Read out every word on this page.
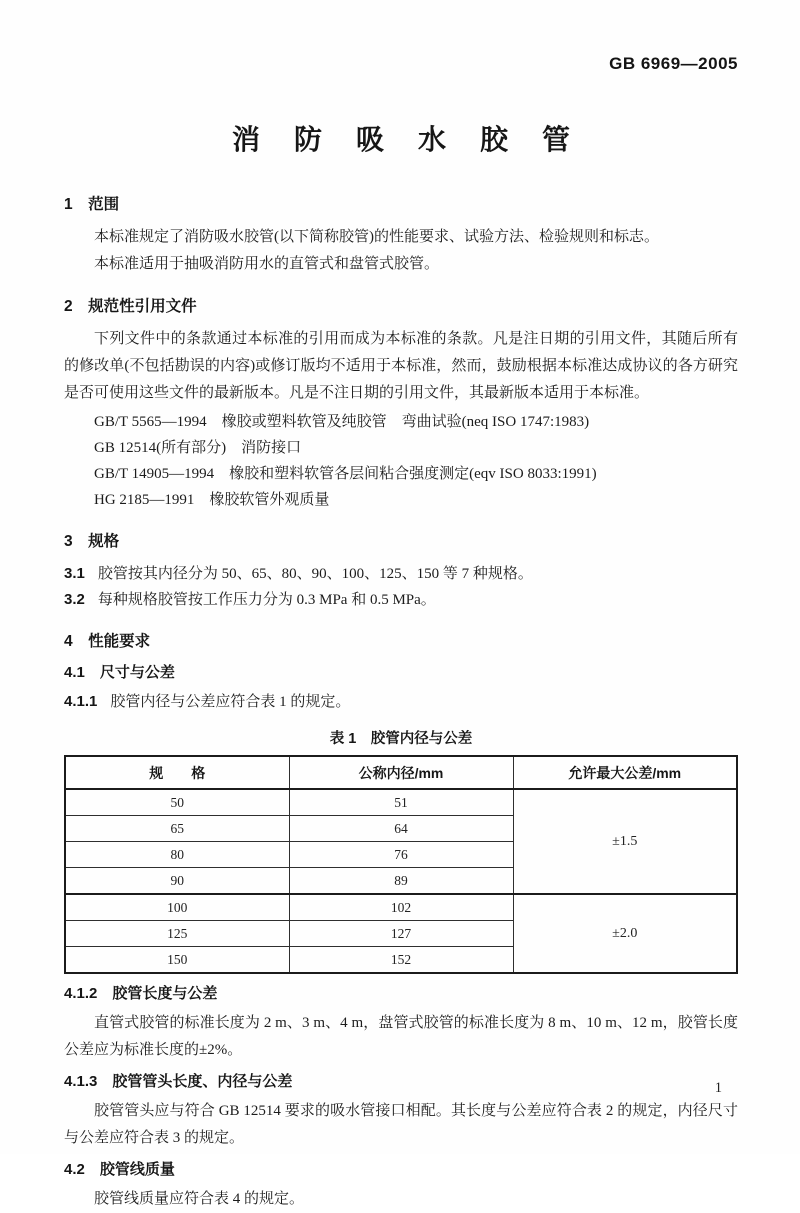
GB 6969—2005
消防吸水胶管
1　范围
本标准规定了消防吸水胶管(以下简称胶管)的性能要求、试验方法、检验规则和标志。
本标准适用于抽吸消防用水的直管式和盘管式胶管。
2　规范性引用文件
下列文件中的条款通过本标准的引用而成为本标准的条款。凡是注日期的引用文件，其随后所有的修改单(不包括勘误的内容)或修订版均不适用于本标准，然而，鼓励根据本标准达成协议的各方研究是否可使用这些文件的最新版本。凡是不注日期的引用文件，其最新版本适用于本标准。
GB/T 5565—1994　橡胶或塑料软管及纯胶管　弯曲试验(neq ISO 1747:1983)
GB 12514(所有部分)　消防接口
GB/T 14905—1994　橡胶和塑料软管各层间粘合强度测定(eqv ISO 8033:1991)
HG 2185—1991　橡胶软管外观质量
3　规格
3.1 胶管按其内径分为 50、65、80、90、100、125、150 等 7 种规格。
3.2 每种规格胶管按工作压力分为 0.3 MPa 和 0.5 MPa。
4　性能要求
4.1　尺寸与公差
4.1.1 胶管内径与公差应符合表 1 的规定。
表 1　胶管内径与公差
规　　格	公称内径/mm	允许最大公差/mm
50	51	±1.5
65	64	
80	76	
90	89	
100	102	±2.0
125	127	
150	152	
4.1.2　胶管长度与公差
直管式胶管的标准长度为 2 m、3 m、4 m，盘管式胶管的标准长度为 8 m、10 m、12 m，胶管长度公差应为标准长度的±2%。
4.1.3　胶管管头长度、内径与公差
胶管管头应与符合 GB 12514 要求的吸水管接口相配。其长度与公差应符合表 2 的规定，内径尺寸与公差应符合表 3 的规定。
4.2　胶管线质量
胶管线质量应符合表 4 的规定。
1
